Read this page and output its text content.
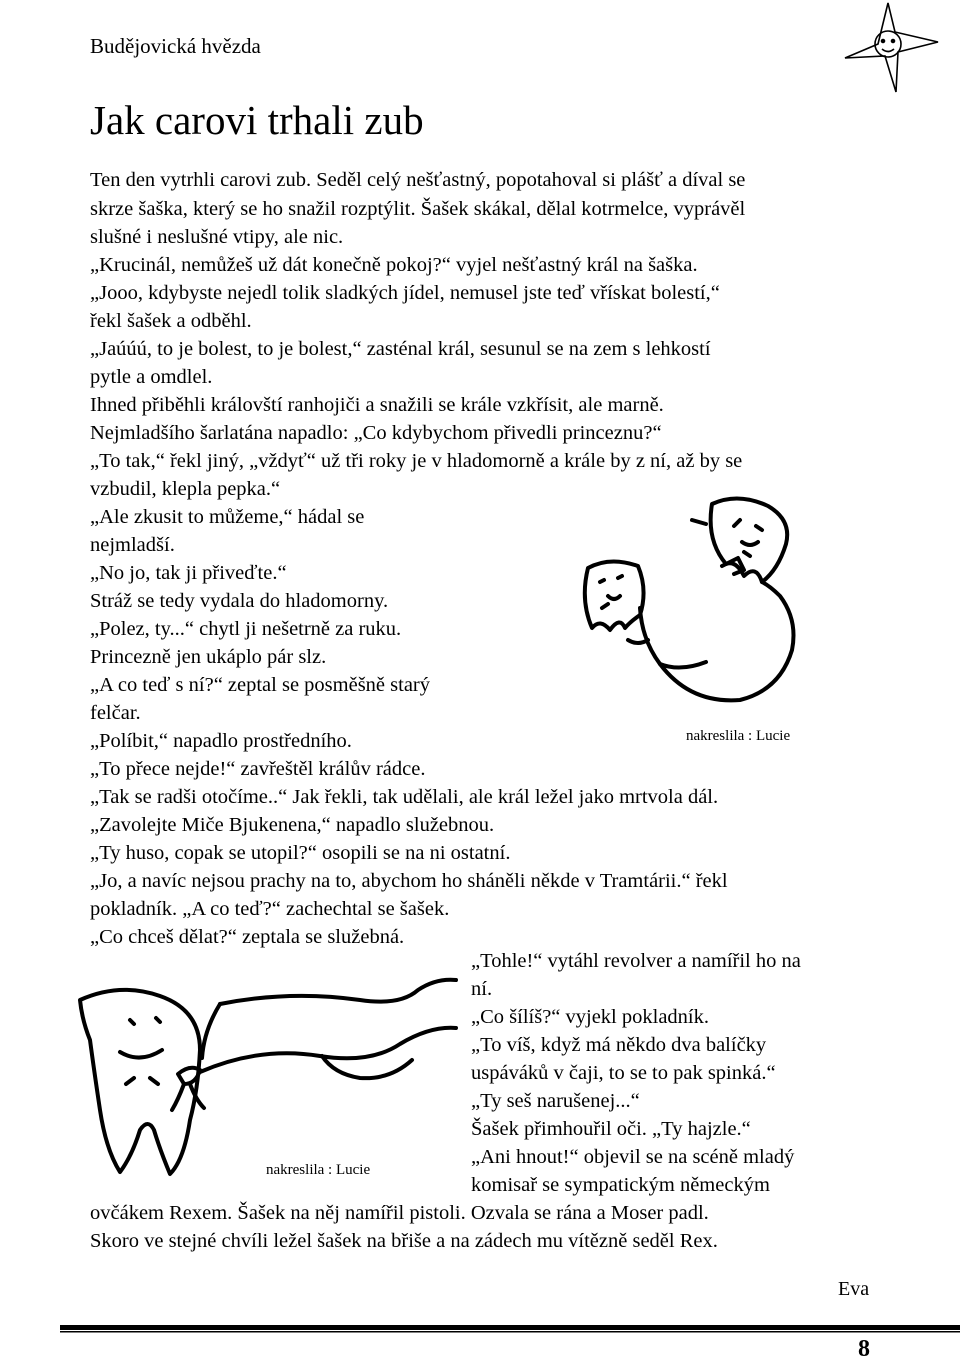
Budějovická hvězda
Jak carovi trhali zub
Ten den vytrhli carovi zub. Seděl celý nešťastný, popotahoval si plášť a díval se
skrze šaška, který se ho snažil rozptýlit. Šašek skákal, dělal kotrmelce, vyprávěl
slušné i neslušné vtipy, ale nic.
„Krucinál, nemůžeš už dát konečně pokoj?“ vyjel nešťastný král na šaška.
„Jooo, kdybyste nejedl tolik sladkých jídel, nemusel jste teď vřískat bolestí,“
řekl šašek a odběhl.
„Jaúúú, to je bolest, to je bolest,“ zasténal král, sesunul se na zem s lehkostí
pytle a omdlel.
Ihned přiběhli královští ranhojiči a snažili se krále vzkřísit, ale marně.
Nejmladšího šarlatána napadlo: „Co kdybychom přivedli princeznu?“
„To tak,“ řekl jiný, „vždyť“ už tři roky je v hladomorně a krále by z ní, až by se
vzbudil, klepla pepka.“
„Ale zkusit to můžeme,“ hádal se
nejmladší.
„No jo, tak ji přiveďte.“
Stráž se tedy vydala do hladomorny.
„Polez, ty...“ chytl ji nešetrně za ruku.
Princezně jen ukáplo pár slz.
„A co teď s ní?“ zeptal se posměšně starý
felčar.
„Políbit,“ napadlo prostředního.
„To přece nejde!“ zavřeštěl králův rádce.
„Tak se radši otočíme..“ Jak řekli, tak udělali, ale král ležel jako mrtvola dál.
„Zavolejte Miče Bjukenena,“ napadlo služebnou.
„Ty huso, copak se utopil?“ osopili se na ni ostatní.
„Jo, a navíc nejsou prachy na to, abychom ho sháněli někde v Tramtárii.“ řekl
pokladník. „A co teď?“ zachechtal se šašek.
„Co chceš dělat?“ zeptala se služebná.
nakreslila : Lucie
„Tohle!“ vytáhl revolver a namířil ho na
ní.
„Co šílíš?“ vyjekl pokladník.
„To víš, když má někdo dva balíčky
uspáváků v čaji, to se to pak spinká.“
„Ty seš narušenej...“
Šašek přimhouřil oči. „Ty hajzle.“
„Ani hnout!“ objevil se na scéně mladý
komisař se sympatickým německým
nakreslila : Lucie
ovčákem Rexem. Šašek na něj namířil pistoli. Ozvala se rána a Moser padl.
Skoro ve stejné chvíli ležel šašek na břiše a na zádech mu vítězně seděl Rex.
Eva
8
